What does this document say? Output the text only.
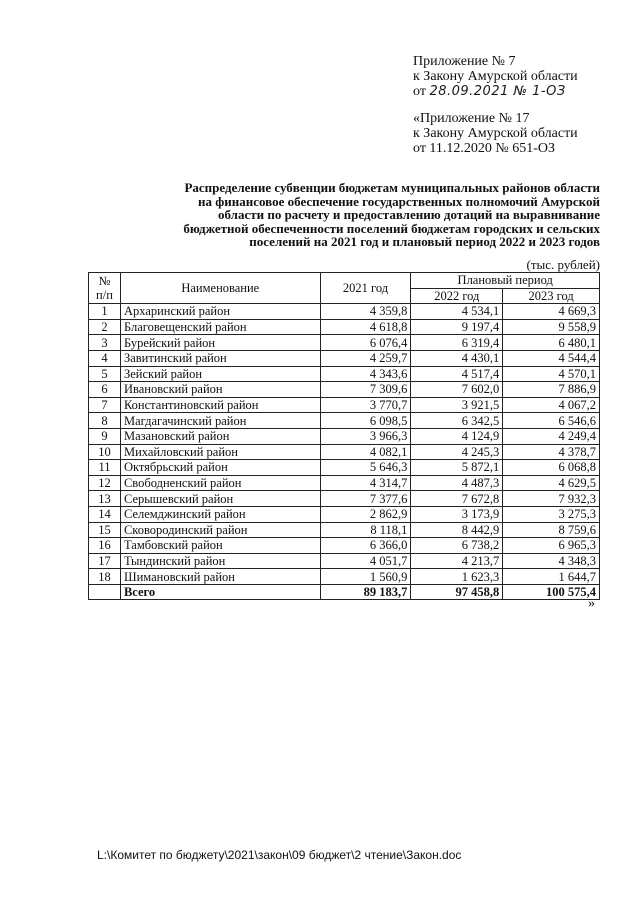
Приложение № 7
к Закону Амурской области
от 28.09.2021 № 1-ОЗ
«Приложение № 17
к Закону Амурской области
от 11.12.2020 № 651-ОЗ
Распределение субвенции бюджетам муниципальных районов области
на финансовое обеспечение государственных полномочий Амурской
области по расчету и предоставлению дотаций на выравнивание
бюджетной обеспеченности поселений бюджетам городских и сельских
поселений на 2021 год и плановый период 2022 и 2023 годов
(тыс. рублей)
№ п/п	Наименование	2021 год	Плановый период	
			2022 год	2023 год
1	Архаринский район	4 359,8	4 534,1	4 669,3
2	Благовещенский район	4 618,8	9 197,4	9 558,9
3	Бурейский район	6 076,4	6 319,4	6 480,1
4	Завитинский район	4 259,7	4 430,1	4 544,4
5	Зейский район	4 343,6	4 517,4	4 570,1
6	Ивановский район	7 309,6	7 602,0	7 886,9
7	Константиновский район	3 770,7	3 921,5	4 067,2
8	Магдагачинский район	6 098,5	6 342,5	6 546,6
9	Мазановский район	3 966,3	4 124,9	4 249,4
10	Михайловский район	4 082,1	4 245,3	4 378,7
11	Октябрьский район	5 646,3	5 872,1	6 068,8
12	Свободненский район	4 314,7	4 487,3	4 629,5
13	Серышевский район	7 377,6	7 672,8	7 932,3
14	Селемджинский район	2 862,9	3 173,9	3 275,3
15	Сковородинский район	8 118,1	8 442,9	8 759,6
16	Тамбовский район	6 366,0	6 738,2	6 965,3
17	Тындинский район	4 051,7	4 213,7	4 348,3
18	Шимановский район	1 560,9	1 623,3	1 644,7
	Всего	89 183,7	97 458,8	100 575,4
»
L:\Комитет по бюджету\2021\закон\09 бюджет\2 чтение\Закон.doc
